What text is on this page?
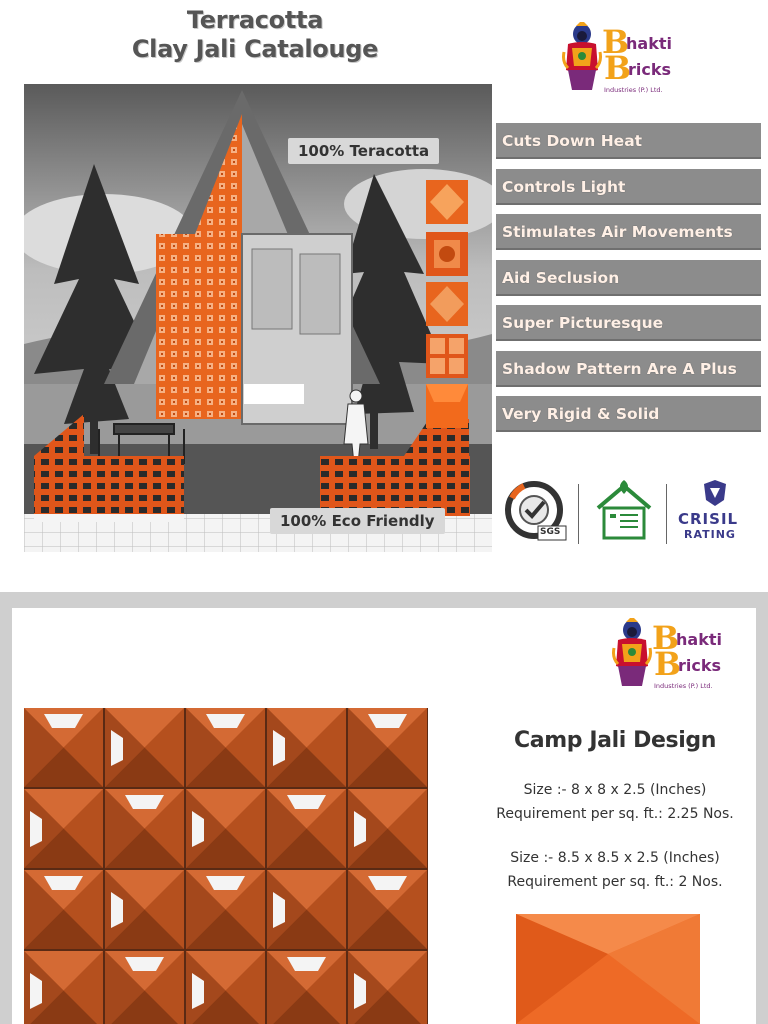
Terracotta
Clay Jali Catalouge	B
hakti
B
ricks
Industries (P.) Ltd.
100% Teracotta
100% Eco Friendly
Cuts Down Heat
Controls Light
Stimulates Air Movements
Aid Seclusion
Super Picturesque
Shadow Pattern Are A Plus
Very Rigid & Solid
SGS
CRISIL
RATING
B
hakti
B
ricks
Industries (P.) Ltd.
Camp Jali Design
Size :- 8 x 8 x 2.5 (Inches)
Requirement per sq. ft.: 2.25 Nos.
Size :- 8.5 x 8.5 x 2.5 (Inches)
Requirement per sq. ft.: 2 Nos.
